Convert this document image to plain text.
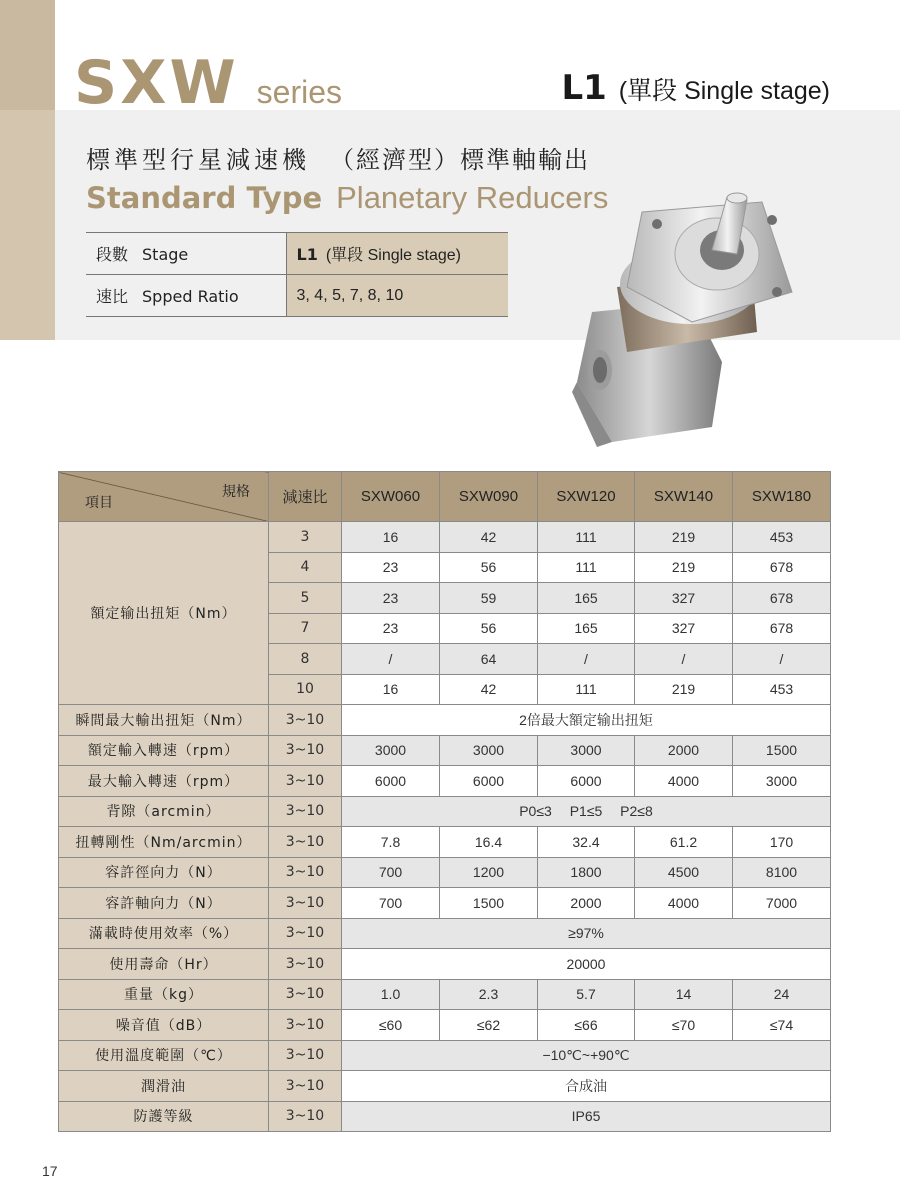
SXW series	L1 (單段 Single stage)
標準型行星減速機 （經濟型）標準軸輸出
Standard Type Planetary Reducers
段數 Stage	L1 (單段 Single stage)
速比 Spped Ratio	3, 4, 5, 7, 8, 10
規格
項目	減速比	SXW060	SXW090	SXW120	SXW140	SXW180
額定输出扭矩（Nm）	3	16	42	111	219	453
	4	23	56	111	219	678
	5	23	59	165	327	678
	7	23	56	165	327	678
	8	/	64	/	/	/
	10	16	42	111	219	453
瞬間最大輸出扭矩（Nm）	3~10	2倍最大額定输出扭矩				
額定輸入轉速（rpm）	3~10	3000	3000	3000	2000	1500
最大輸入轉速（rpm）	3~10	6000	6000	6000	4000	3000
背隙（arcmin）	3~10	P0≤3　 P1≤5　 P2≤8				
扭轉剛性（Nm/arcmin）	3~10	7.8	16.4	32.4	61.2	170
容許徑向力（N）	3~10	700	1200	1800	4500	8100
容許軸向力（N）	3~10	700	1500	2000	4000	7000
滿載時使用效率（%）	3~10	≥97%				
使用壽命（Hr）	3~10	20000				
重量（kg）	3~10	1.0	2.3	5.7	14	24
噪音值（dB）	3~10	≤60	≤62	≤66	≤70	≤74
使用溫度範圍（℃）	3~10	−10℃~+90℃				
潤滑油	3~10	合成油				
防護等級	3~10	IP65				
17
